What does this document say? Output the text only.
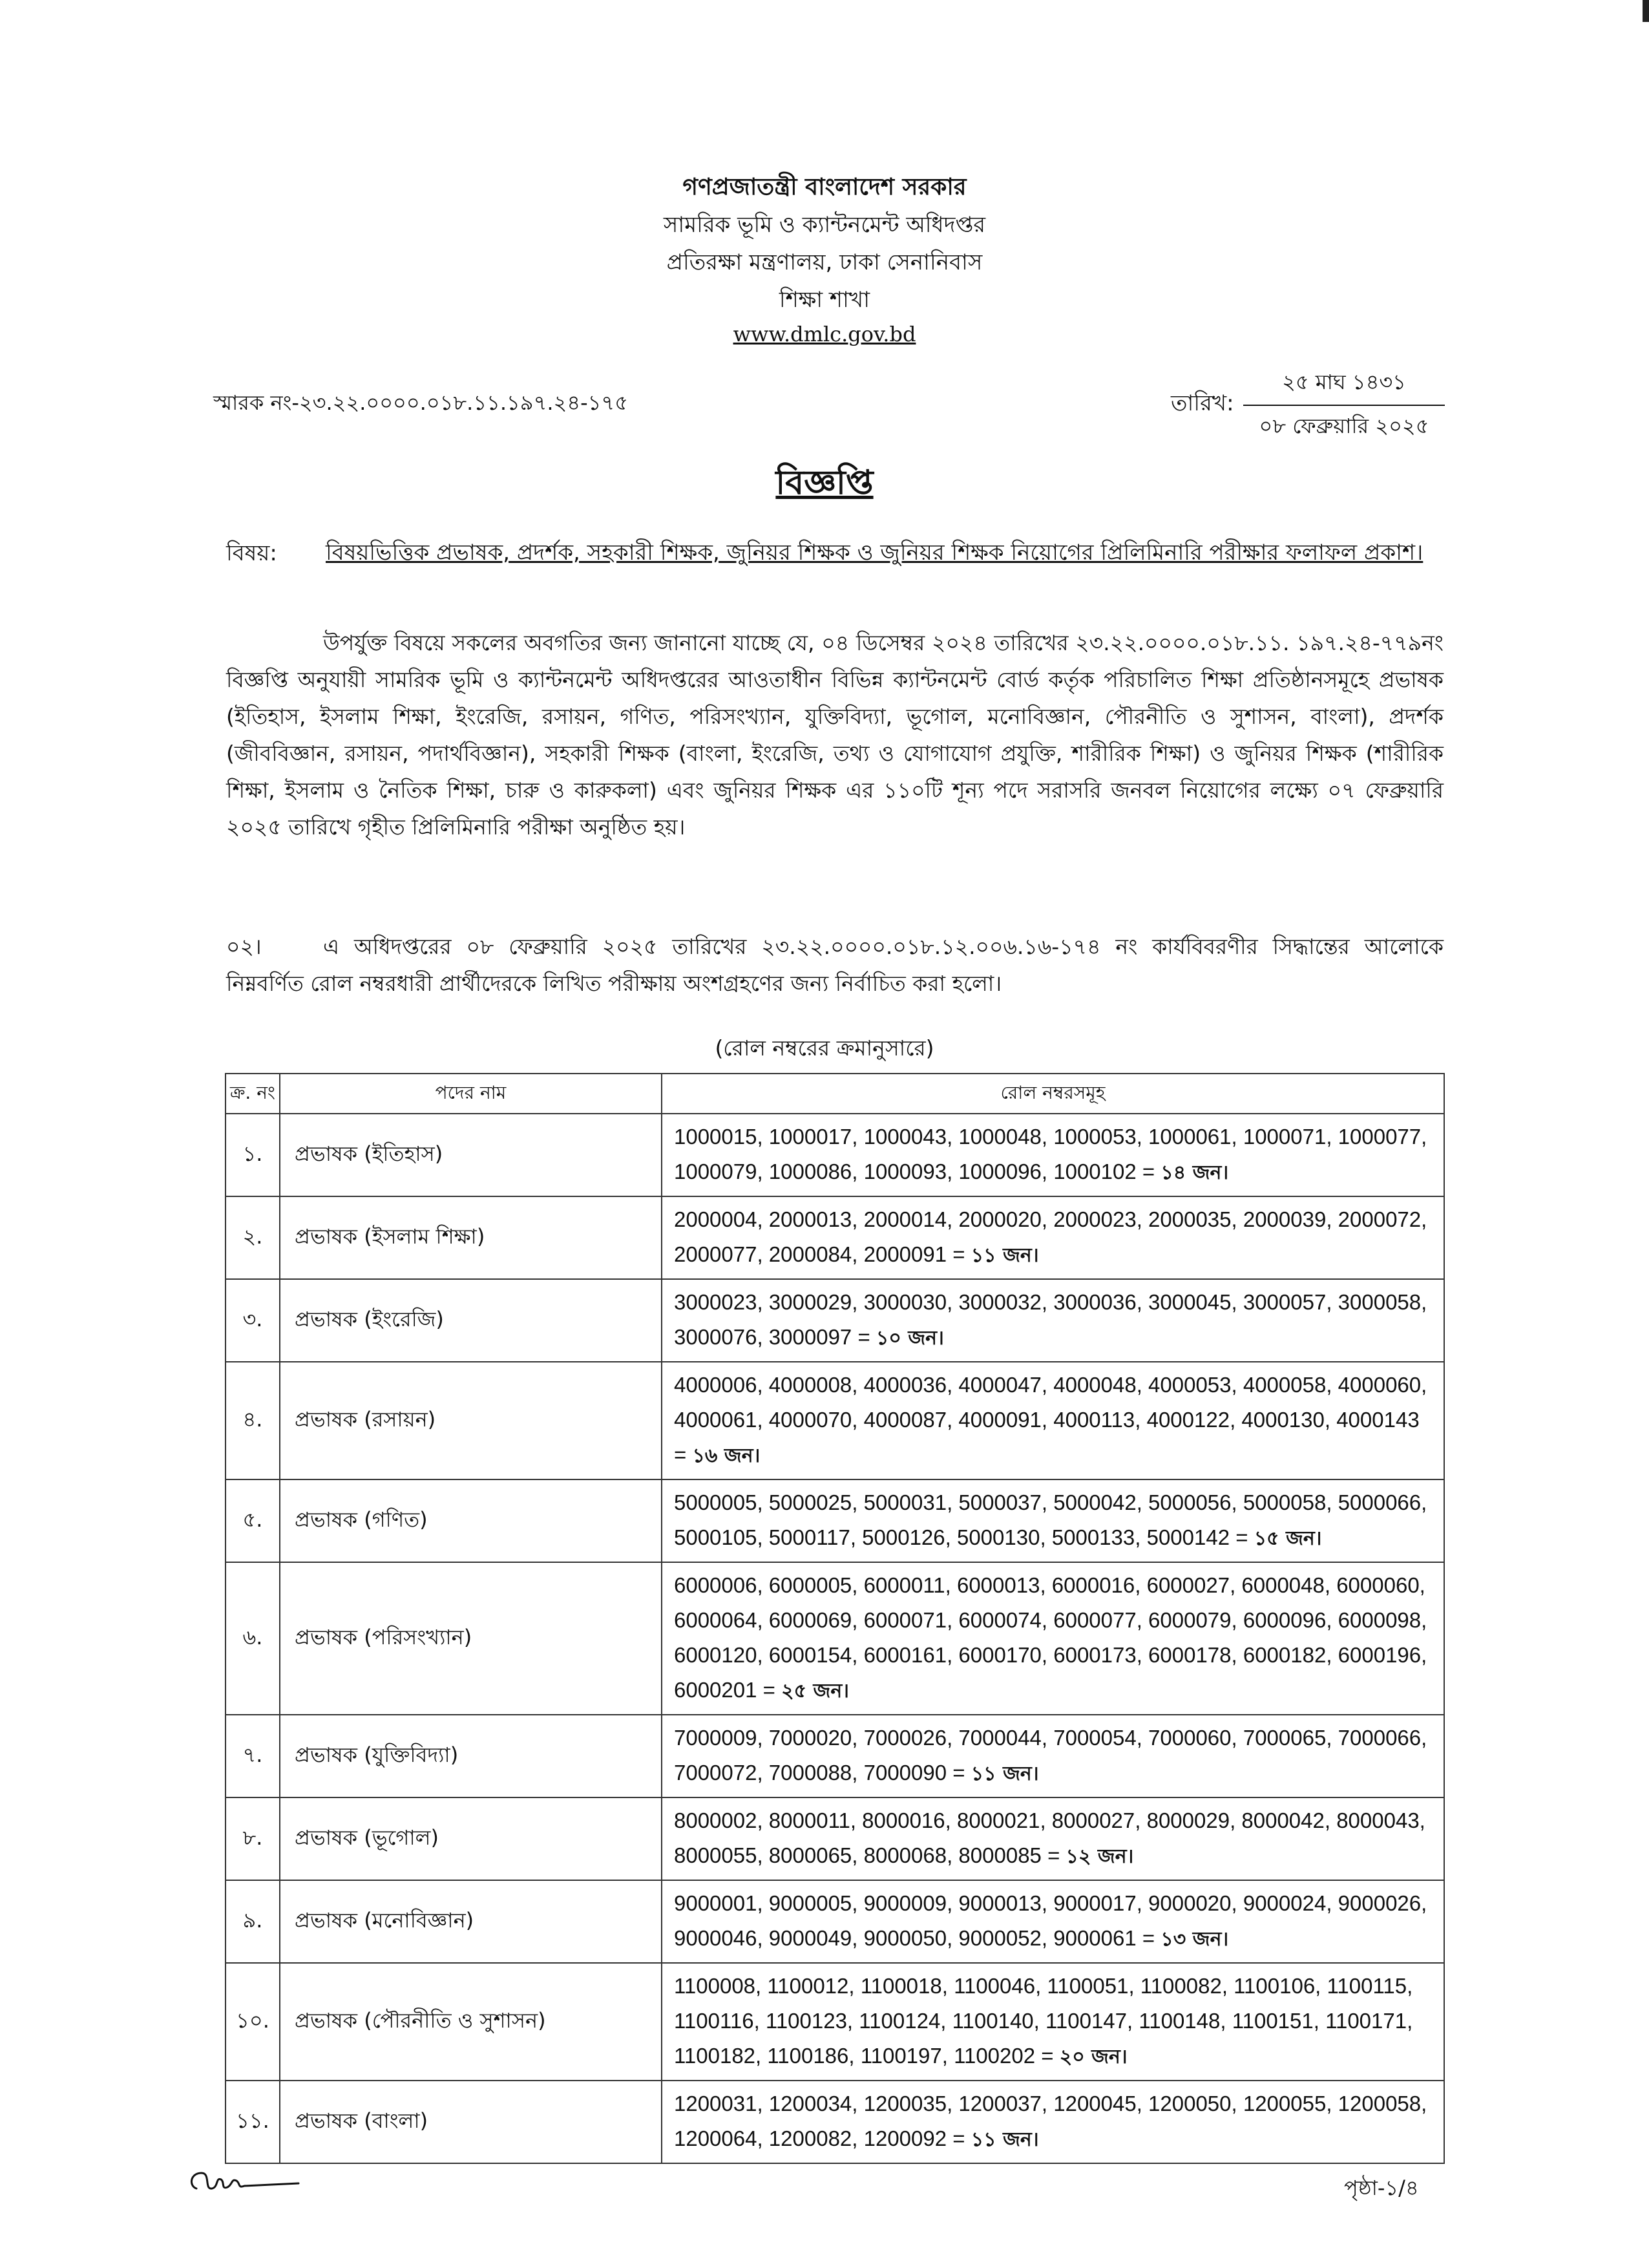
গণপ্রজাতন্ত্রী বাংলাদেশ সরকার
সামরিক ভূমি ও ক্যান্টনমেন্ট অধিদপ্তর
প্রতিরক্ষা মন্ত্রণালয়, ঢাকা সেনানিবাস
শিক্ষা শাখা
www.dmlc.gov.bd
স্মারক নং-২৩.২২.০০০০.০১৮.১১.১৯৭.২৪-১৭৫	তারিখ:
২৫ মাঘ ১৪৩১
০৮ ফেব্রুয়ারি ২০২৫
বিজ্ঞপ্তি
বিষয়: বিষয়ভিত্তিক প্রভাষক, প্রদর্শক, সহকারী শিক্ষক, জুনিয়র শিক্ষক ও জুনিয়র শিক্ষক নিয়োগের প্রিলিমিনারি পরীক্ষার ফলাফল প্রকাশ।
উপর্যুক্ত বিষয়ে সকলের অবগতির জন্য জানানো যাচ্ছে যে, ০৪ ডিসেম্বর ২০২৪ তারিখের ২৩.২২.০০০০.০১৮.১১. ১৯৭.২৪-৭৭৯নং বিজ্ঞপ্তি অনুযায়ী সামরিক ভূমি ও ক্যান্টনমেন্ট অধিদপ্তরের আওতাধীন বিভিন্ন ক্যান্টনমেন্ট বোর্ড কর্তৃক পরিচালিত শিক্ষা প্রতিষ্ঠানসমূহে প্রভাষক (ইতিহাস, ইসলাম শিক্ষা, ইংরেজি, রসায়ন, গণিত, পরিসংখ্যান, যুক্তিবিদ্যা, ভূগোল, মনোবিজ্ঞান, পৌরনীতি ও সুশাসন, বাংলা), প্রদর্শক (জীববিজ্ঞান, রসায়ন, পদার্থবিজ্ঞান), সহকারী শিক্ষক (বাংলা, ইংরেজি, তথ্য ও যোগাযোগ প্রযুক্তি, শারীরিক শিক্ষা) ও জুনিয়র শিক্ষক (শারীরিক শিক্ষা, ইসলাম ও নৈতিক শিক্ষা, চারু ও কারুকলা) এবং জুনিয়র শিক্ষক এর ১১০টি শূন্য পদে সরাসরি জনবল নিয়োগের লক্ষ্যে ০৭ ফেব্রুয়ারি ২০২৫ তারিখে গৃহীত প্রিলিমিনারি পরীক্ষা অনুষ্ঠিত হয়।
০২।	এ অধিদপ্তরের ০৮ ফেব্রুয়ারি ২০২৫ তারিখের ২৩.২২.০০০০.০১৮.১২.০০৬.১৬-১৭৪ নং কার্যবিবরণীর সিদ্ধান্তের আলোকে নিম্নবর্ণিত রোল নম্বরধারী প্রার্থীদেরকে লিখিত পরীক্ষায় অংশগ্রহণের জন্য নির্বাচিত করা হলো।
(রোল নম্বরের ক্রমানুসারে)
ক্র. নং	পদের নাম	রোল নম্বরসমূহ
১.	প্রভাষক (ইতিহাস)	1000015, 1000017, 1000043, 1000048, 1000053, 1000061, 1000071, 1000077, 1000079, 1000086, 1000093, 1000096, 1000102 = ১৪ জন।
২.	প্রভাষক (ইসলাম শিক্ষা)	2000004, 2000013, 2000014, 2000020, 2000023, 2000035, 2000039, 2000072, 2000077, 2000084, 2000091 = ১১ জন।
৩.	প্রভাষক (ইংরেজি)	3000023, 3000029, 3000030, 3000032, 3000036, 3000045, 3000057, 3000058, 3000076, 3000097 = ১০ জন।
৪.	প্রভাষক (রসায়ন)	4000006, 4000008, 4000036, 4000047, 4000048, 4000053, 4000058, 4000060, 4000061, 4000070, 4000087, 4000091, 4000113, 4000122, 4000130, 4000143 = ১৬ জন।
৫.	প্রভাষক (গণিত)	5000005, 5000025, 5000031, 5000037, 5000042, 5000056, 5000058, 5000066, 5000105, 5000117, 5000126, 5000130, 5000133, 5000142 = ১৫ জন।
৬.	প্রভাষক (পরিসংখ্যান)	6000006, 6000005, 6000011, 6000013, 6000016, 6000027, 6000048, 6000060, 6000064, 6000069, 6000071, 6000074, 6000077, 6000079, 6000096, 6000098, 6000120, 6000154, 6000161, 6000170, 6000173, 6000178, 6000182, 6000196, 6000201 = ২৫ জন।
৭.	প্রভাষক (যুক্তিবিদ্যা)	7000009, 7000020, 7000026, 7000044, 7000054, 7000060, 7000065, 7000066, 7000072, 7000088, 7000090 = ১১ জন।
৮.	প্রভাষক (ভূগোল)	8000002, 8000011, 8000016, 8000021, 8000027, 8000029, 8000042, 8000043, 8000055, 8000065, 8000068, 8000085 = ১২ জন।
৯.	প্রভাষক (মনোবিজ্ঞান)	9000001, 9000005, 9000009, 9000013, 9000017, 9000020, 9000024, 9000026, 9000046, 9000049, 9000050, 9000052, 9000061 = ১৩ জন।
১০.	প্রভাষক (পৌরনীতি ও সুশাসন)	1100008, 1100012, 1100018, 1100046, 1100051, 1100082, 1100106, 1100115, 1100116, 1100123, 1100124, 1100140, 1100147, 1100148, 1100151, 1100171, 1100182, 1100186, 1100197, 1100202 = ২০ জন।
১১.	প্রভাষক (বাংলা)	1200031, 1200034, 1200035, 1200037, 1200045, 1200050, 1200055, 1200058, 1200064, 1200082, 1200092 = ১১ জন।
পৃষ্ঠা-১/৪
